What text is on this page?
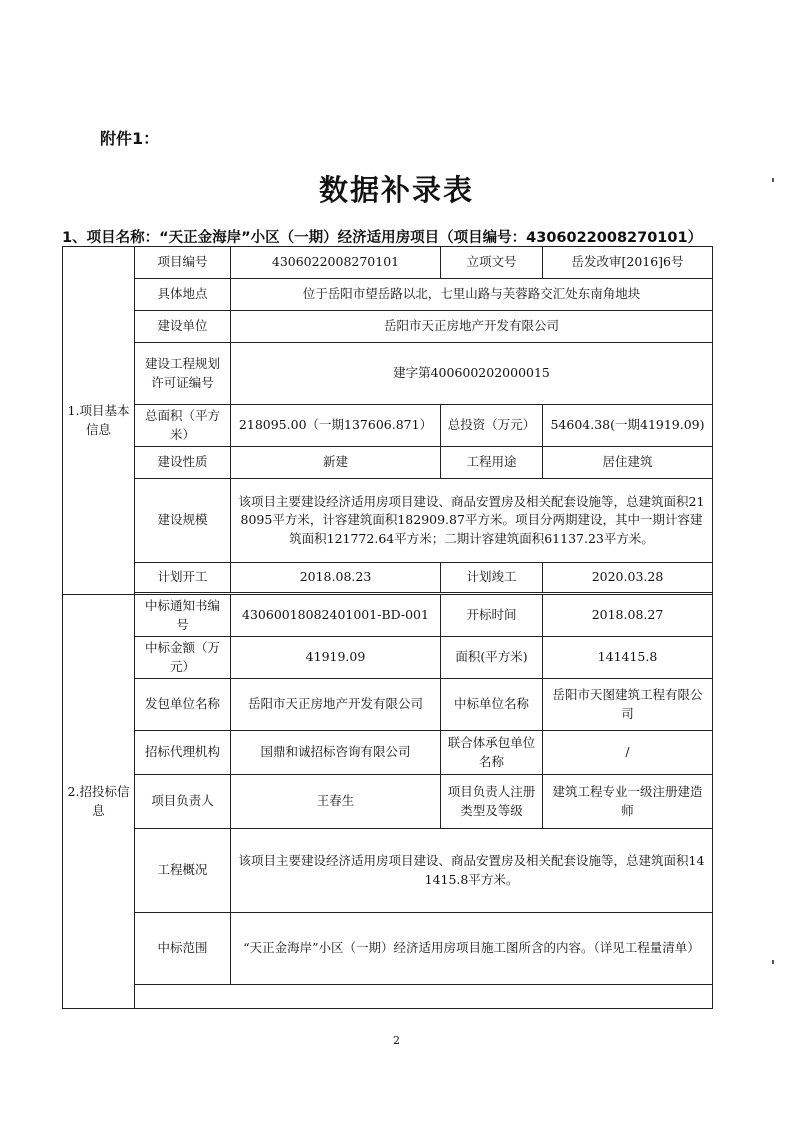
附件1：
数据补录表
1、项目名称：“天正金海岸”小区（一期）经济适用房项目（项目编号：4306022008270101）
1.项目基本信息	项目编号	4306022008270101	立项文号	岳发改审[2016]6号
	具体地点	位于岳阳市望岳路以北，七里山路与芙蓉路交汇处东南角地块		
	建设单位	岳阳市天正房地产开发有限公司		
	建设工程规划许可证编号	建字第400600202000015		
	总面积（平方米）	218095.00（一期137606.871）	总投资（万元）	54604.38(一期41919.09)
	建设性质	新建	工程用途	居住建筑
	建设规模	该项目主要建设经济适用房项目建设、商品安置房及相关配套设施等，总建筑面积218095平方米，计容建筑面积182909.87平方米。项目分两期建设，其中一期计容建筑面积121772.64平方米；二期计容建筑面积61137.23平方米。		
	计划开工	2018.08.23	计划竣工	2020.03.28

2.招投标信息	中标通知书编号	43060018082401001-BD-001	开标时间	2018.08.27
	中标金额（万元）	41919.09	面积(平方米)	141415.8
	发包单位名称	岳阳市天正房地产开发有限公司	中标单位名称	岳阳市天图建筑工程有限公司
	招标代理机构	国鼎和诚招标咨询有限公司	联合体承包单位名称	/
	项目负责人	王春生	项目负责人注册类型及等级	建筑工程专业一级注册建造师
	工程概况	该项目主要建设经济适用房项目建设、商品安置房及相关配套设施等，总建筑面积141415.8平方米。		
	中标范围	“天正金海岸”小区（一期）经济适用房项目施工图所含的内容。（详见工程量清单）		

2
